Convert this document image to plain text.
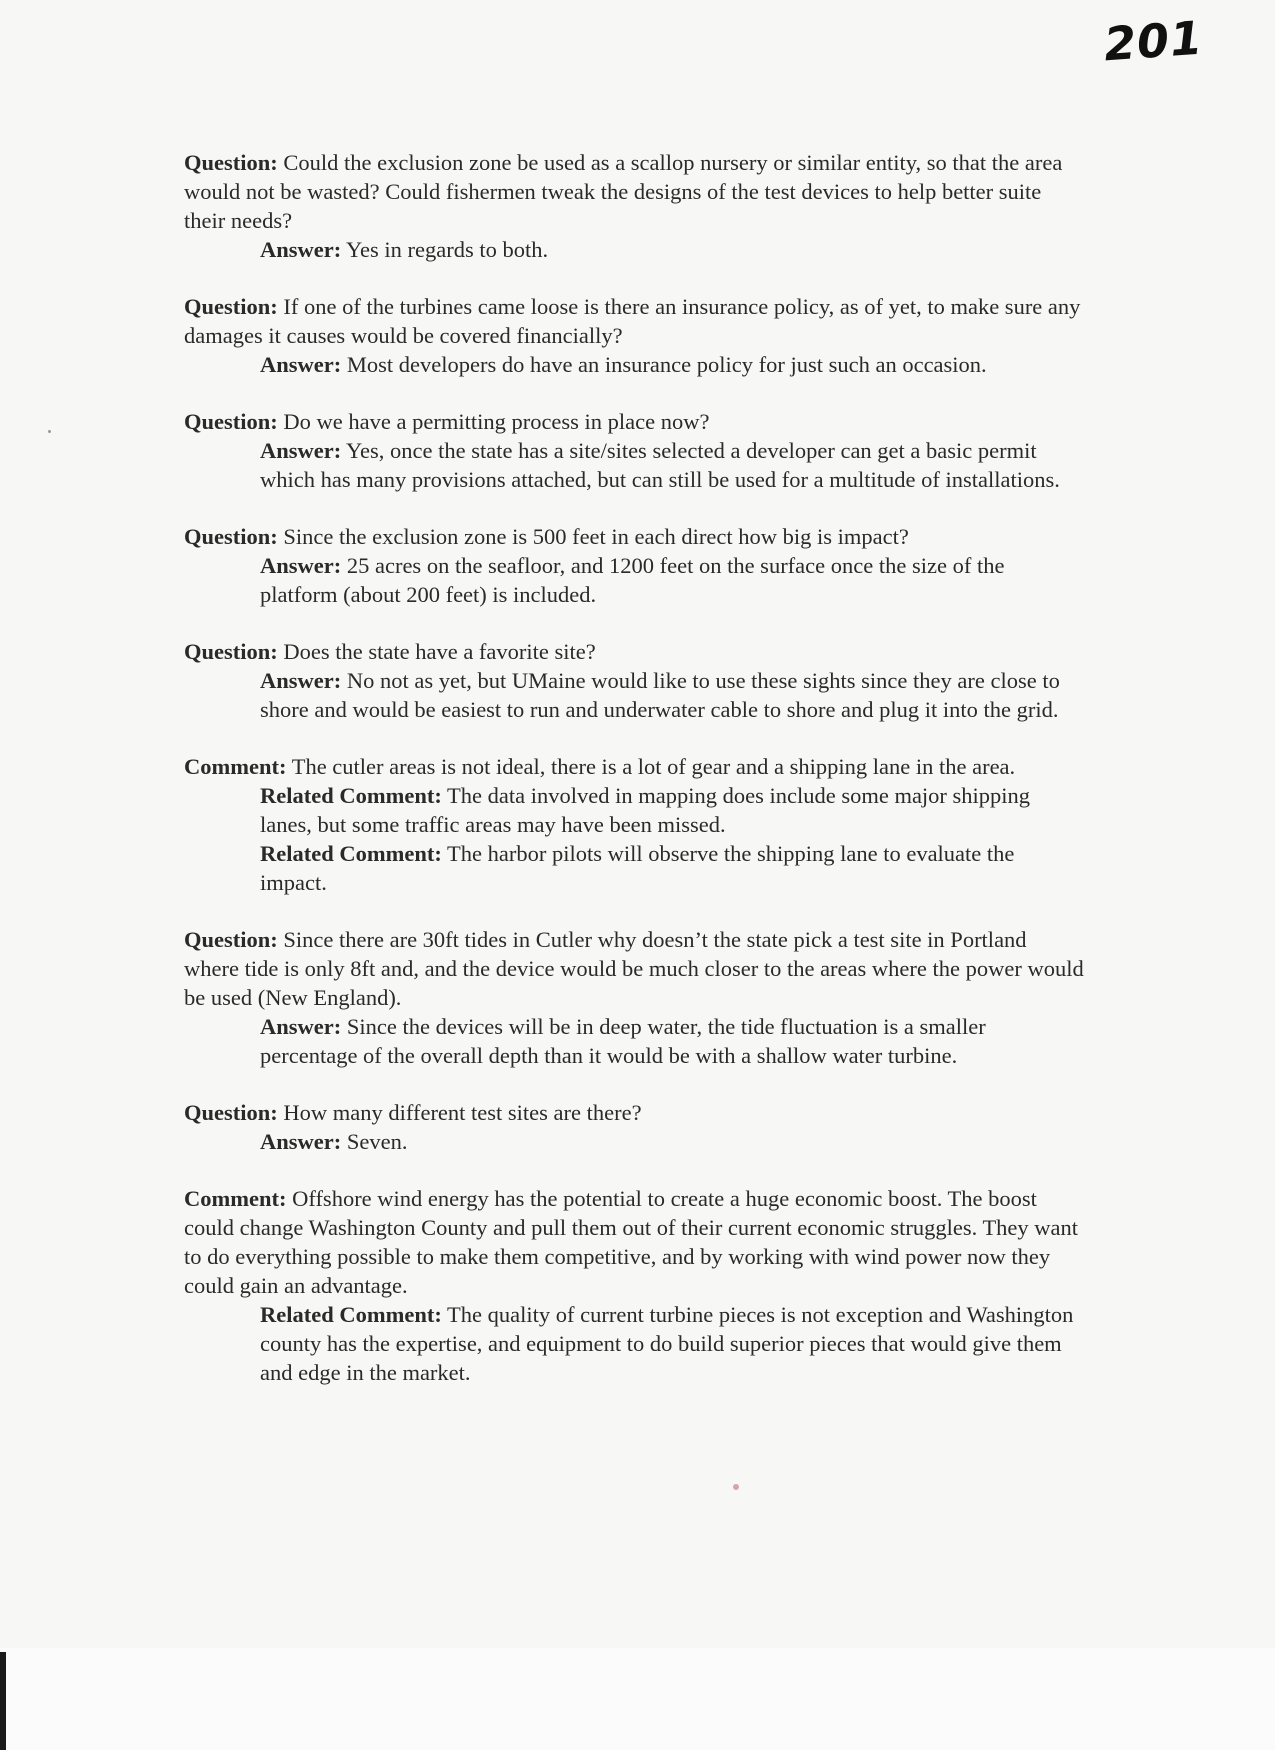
201

Question: Could the exclusion zone be used as a scallop nursery or similar entity, so that the area would not be wasted? Could fishermen tweak the designs of the test devices to help better suite their needs?

Answer: Yes in regards to both.

Question: If one of the turbines came loose is there an insurance policy, as of yet, to make sure any damages it causes would be covered financially?

Answer: Most developers do have an insurance policy for just such an occasion.

Question: Do we have a permitting process in place now?

Answer: Yes, once the state has a site/sites selected a developer can get a basic permit which has many provisions attached, but can still be used for a multitude of installations.

Question: Since the exclusion zone is 500 feet in each direct how big is impact?

Answer: 25 acres on the seafloor, and 1200 feet on the surface once the size of the platform (about 200 feet) is included.

Question: Does the state have a favorite site?

Answer: No not as yet, but UMaine would like to use these sights since they are close to shore and would be easiest to run and underwater cable to shore and plug it into the grid.

Comment: The cutler areas is not ideal, there is a lot of gear and a shipping lane in the area.

Related Comment: The data involved in mapping does include some major shipping lanes, but some traffic areas may have been missed.

Related Comment: The harbor pilots will observe the shipping lane to evaluate the impact.

Question: Since there are 30ft tides in Cutler why doesn’t the state pick a test site in Portland where tide is only 8ft and, and the device would be much closer to the areas where the power would be used (New England).

Answer: Since the devices will be in deep water, the tide fluctuation is a smaller percentage of the overall depth than it would be with a shallow water turbine.

Question: How many different test sites are there?

Answer: Seven.

Comment: Offshore wind energy has the potential to create a huge economic boost. The boost could change Washington County and pull them out of their current economic struggles. They want to do everything possible to make them competitive, and by working with wind power now they could gain an advantage.

Related Comment: The quality of current turbine pieces is not exception and Washington county has the expertise, and equipment to do build superior pieces that would give them and edge in the market.
